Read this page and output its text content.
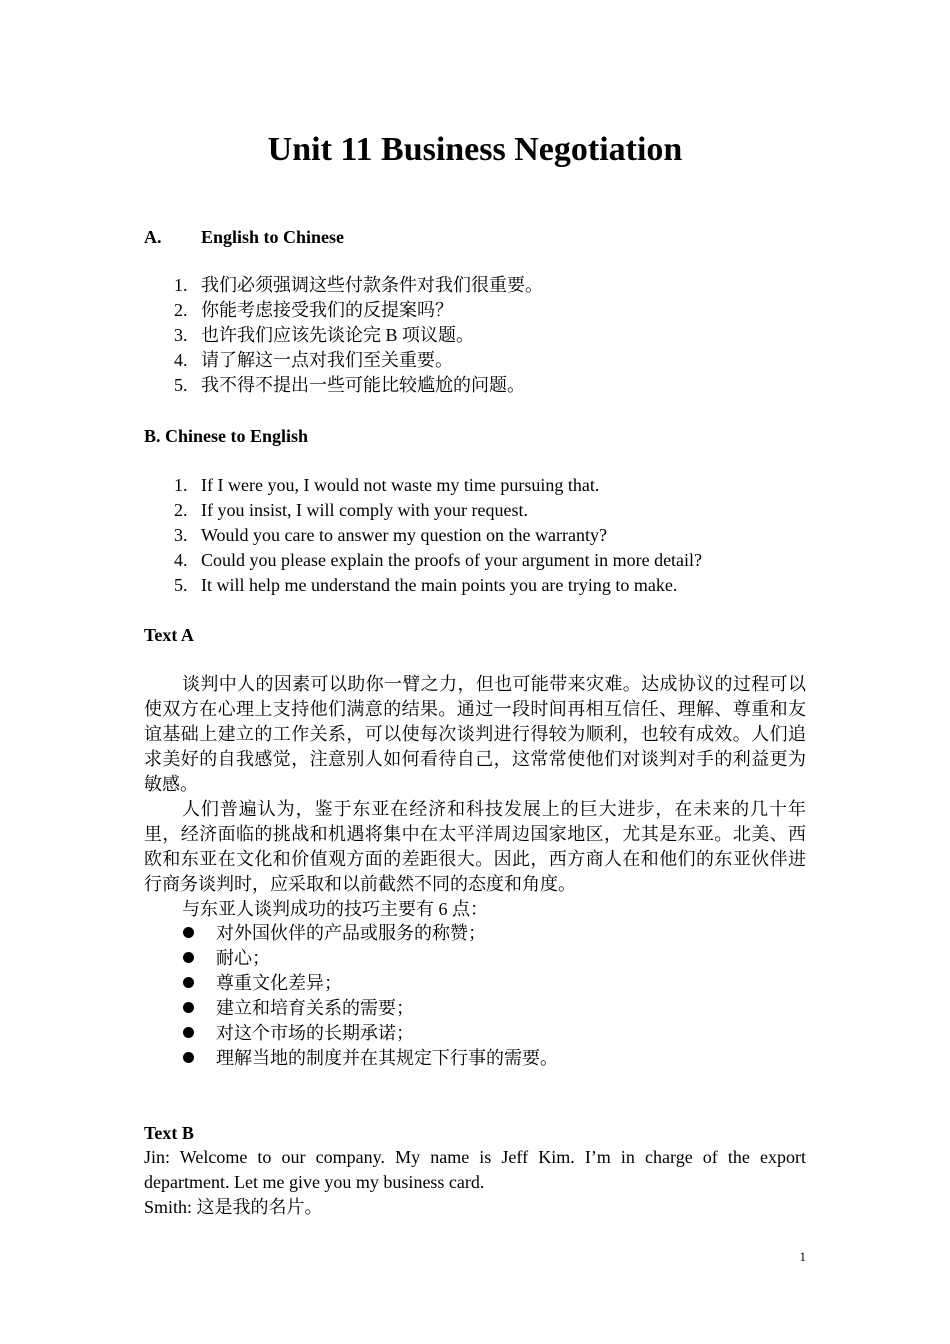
Unit 11 Business Negotiation
A. English to Chinese
1. 我们必须强调这些付款条件对我们很重要。
2. 你能考虑接受我们的反提案吗？
3. 也许我们应该先谈论完 B 项议题。
4. 请了解这一点对我们至关重要。
5. 我不得不提出一些可能比较尴尬的问题。
B. Chinese to English
1. If I were you, I would not waste my time pursuing that.
2. If you insist, I will comply with your request.
3. Would you care to answer my question on the warranty?
4. Could you please explain the proofs of your argument in more detail?
5. It will help me understand the main points you are trying to make.
Text A

谈判中人的因素可以助你一臂之力，但也可能带来灾难。达成协议的过程可以使双方在心理上支持他们满意的结果。通过一段时间再相互信任、理解、尊重和友谊基础上建立的工作关系，可以使每次谈判进行得较为顺利，也较有成效。人们追求美好的自我感觉，注意别人如何看待自己，这常常使他们对谈判对手的利益更为敏感。

人们普遍认为，鉴于东亚在经济和科技发展上的巨大进步，在未来的几十年里，经济面临的挑战和机遇将集中在太平洋周边国家地区，尤其是东亚。北美、西欧和东亚在文化和价值观方面的差距很大。因此，西方商人在和他们的东亚伙伴进行商务谈判时，应采取和以前截然不同的态度和角度。

与东亚人谈判成功的技巧主要有 6 点：

对外国伙伴的产品或服务的称赞；
耐心；
尊重文化差异；
建立和培育关系的需要；
对这个市场的长期承诺；
理解当地的制度并在其规定下行事的需要。
Text B

Jin: Welcome to our company. My name is Jeff Kim. I’m in charge of the export department. Let me give you my business card.

Smith: 这是我的名片。

1
